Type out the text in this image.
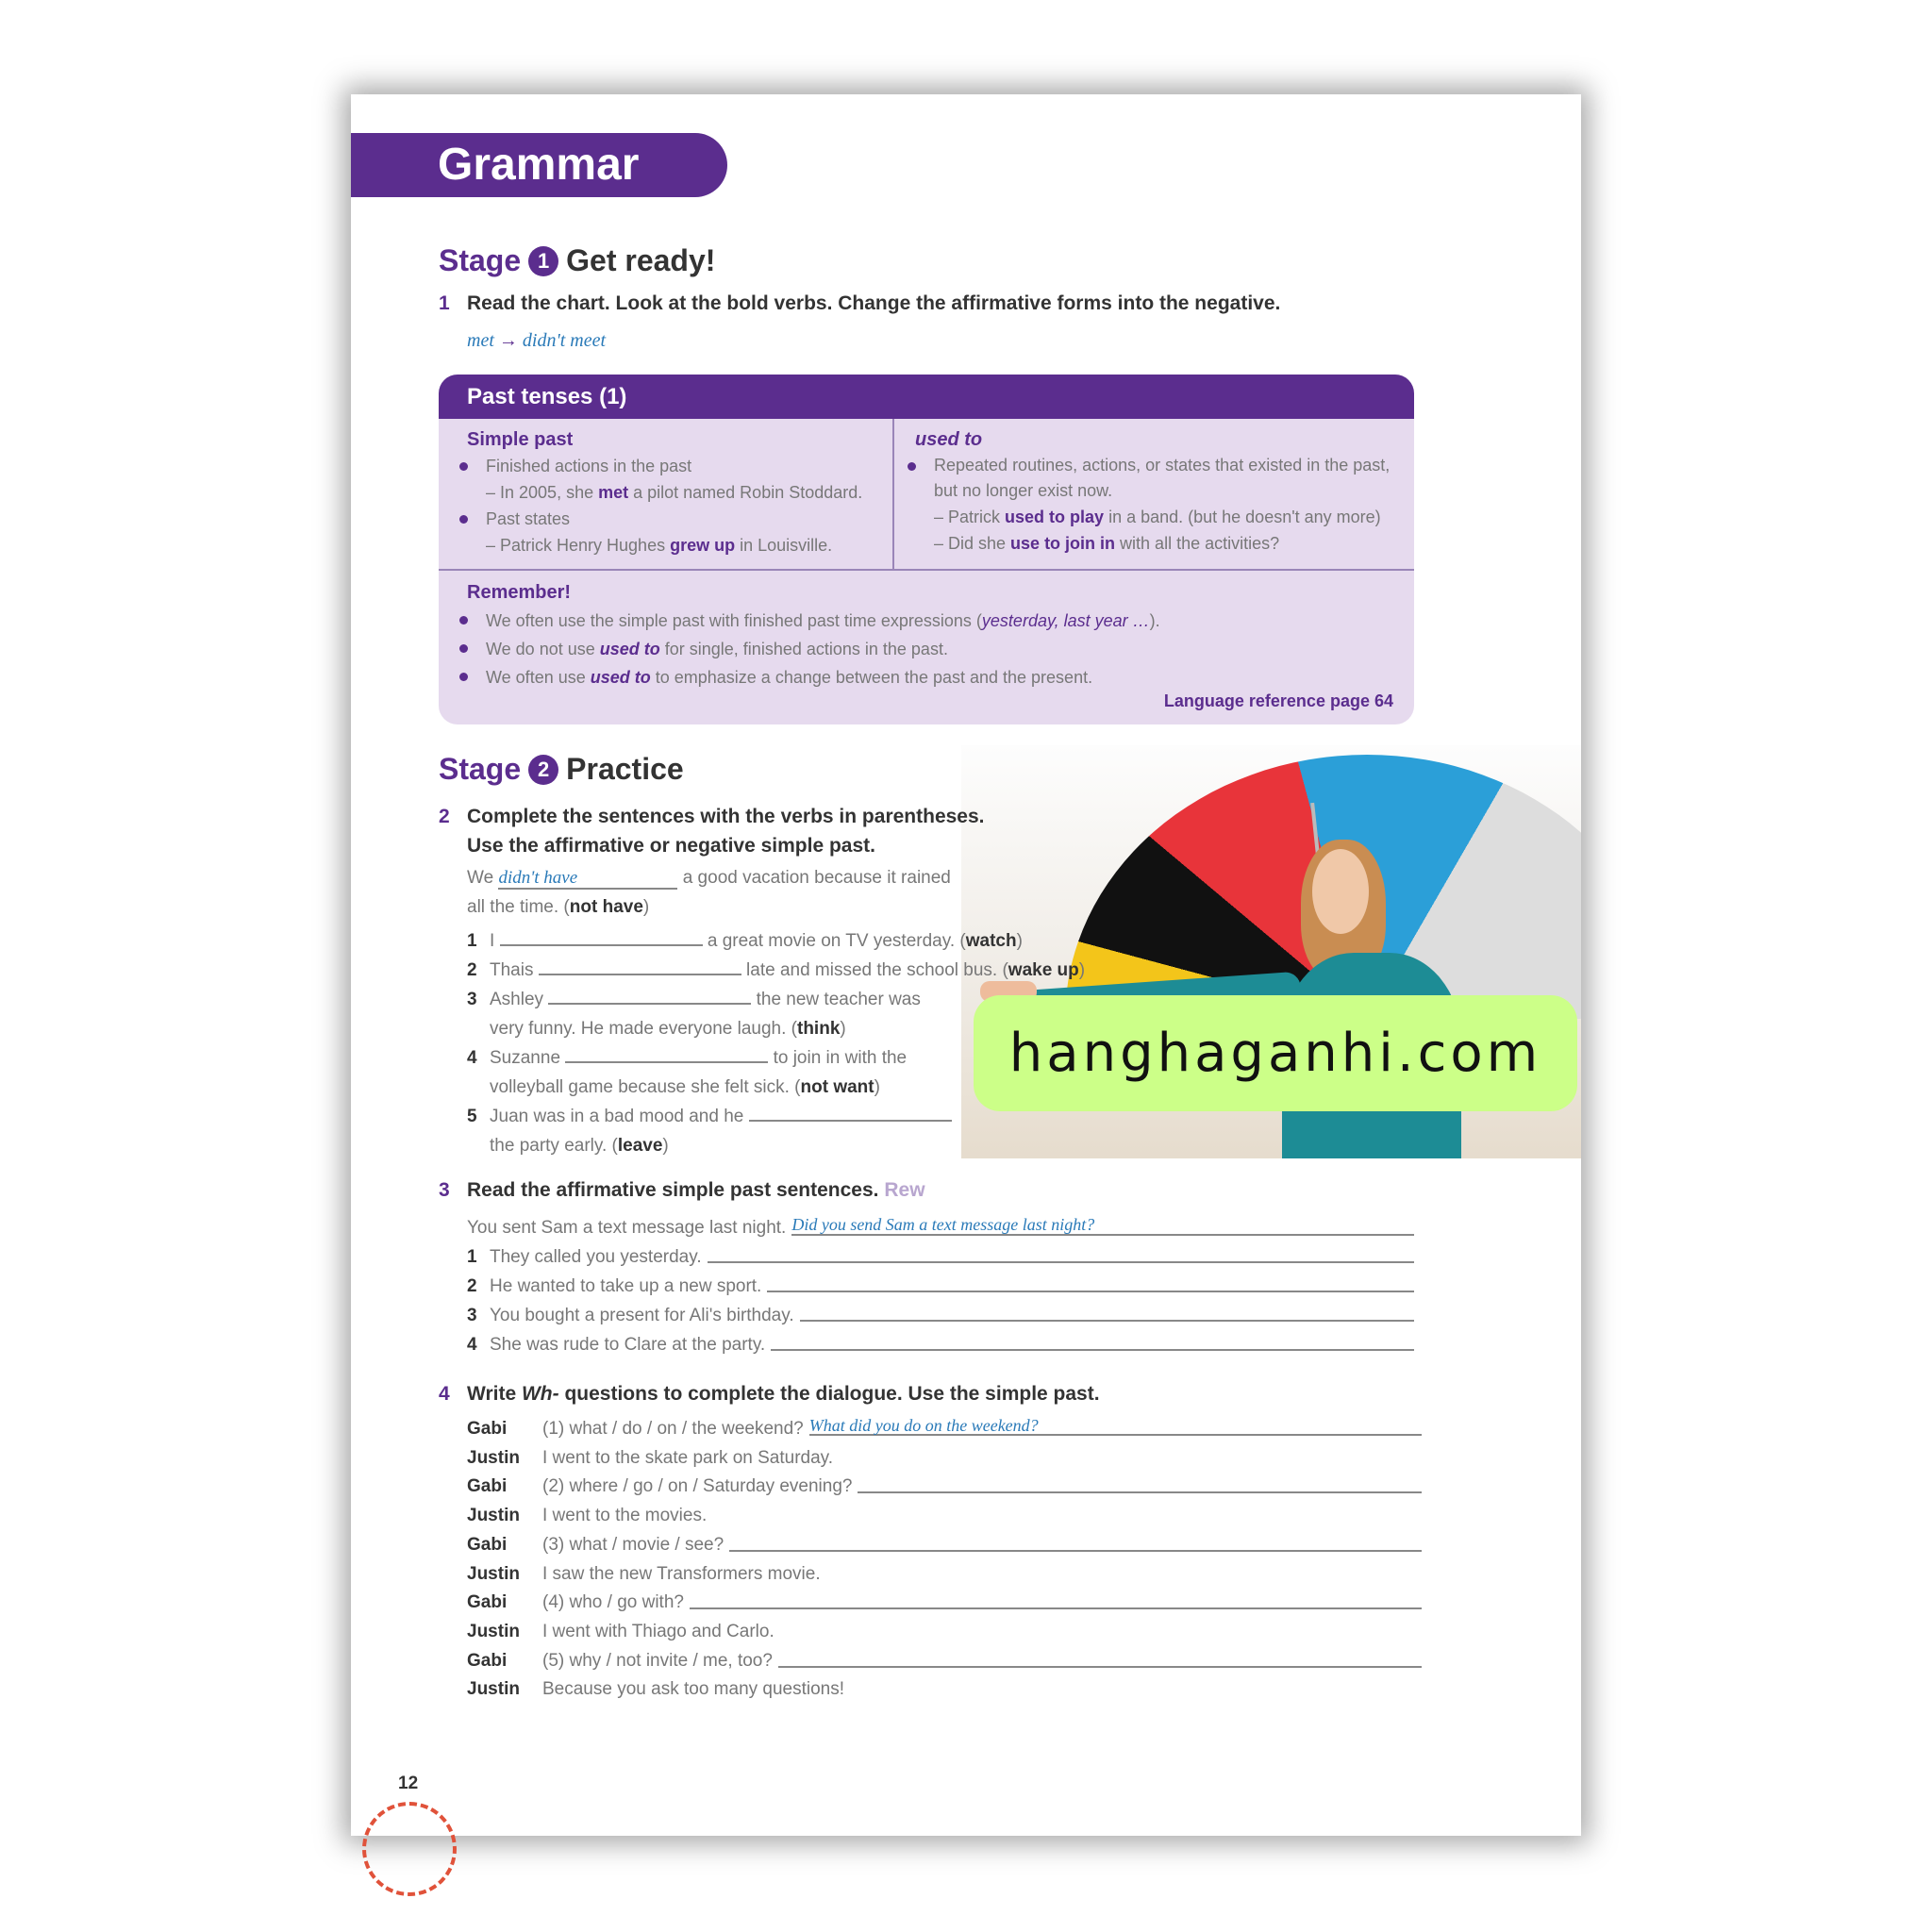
Grammar
Stage 1 Get ready!
1 Read the chart. Look at the bold verbs. Change the affirmative forms into the negative.
met → didn't meet
Past tenses (1)
Simple past
Finished actions in the past
– In 2005, she met a pilot named Robin Stoddard.
Past states
– Patrick Henry Hughes grew up in Louisville.
used to
Repeated routines, actions, or states that existed in the past, but no longer exist now.
– Patrick used to play in a band. (but he doesn't any more)
– Did she use to join in with all the activities?
Remember!
We often use the simple past with finished past time expressions (yesterday, last year …).
We do not use used to for single, finished actions in the past.
We often use used to to emphasize a change between the past and the present.
Language reference page 64
Stage 2 Practice
2 Complete the sentences with the verbs in parentheses.
Use the affirmative or negative simple past.
We didn't have	a good vacation because it rained
all the time. (not have)
1 I	a great movie on TV yesterday. (watch)
2 Thais	late and missed the school bus. (wake up)
3 Ashley	the new teacher was
very funny. He made everyone laugh. (think)
4 Suzanne	to join in with the
volleyball game because she felt sick. (not want)
5 Juan was in a bad mood and he
the party early. (leave)
hanghaganhi.com
3 Read the affirmative simple past sentences. Rew
You sent Sam a text message last night. Did you send Sam a text message last night?
1 They called you yesterday.
2 He wanted to take up a new sport.
3 You bought a present for Ali's birthday.
4 She was rude to Clare at the party.
4 Write Wh- questions to complete the dialogue. Use the simple past.
Gabi	(1) what / do / on / the weekend? What did you do on the weekend?
Justin	I went to the skate park on Saturday.
Gabi	(2) where / go / on / Saturday evening?
Justin	I went to the movies.
Gabi	(3) what / movie / see?
Justin	I saw the new Transformers movie.
Gabi	(4) who / go with?
Justin	I went with Thiago and Carlo.
Gabi	(5) why / not invite / me, too?
Justin	Because you ask too many questions!
12
